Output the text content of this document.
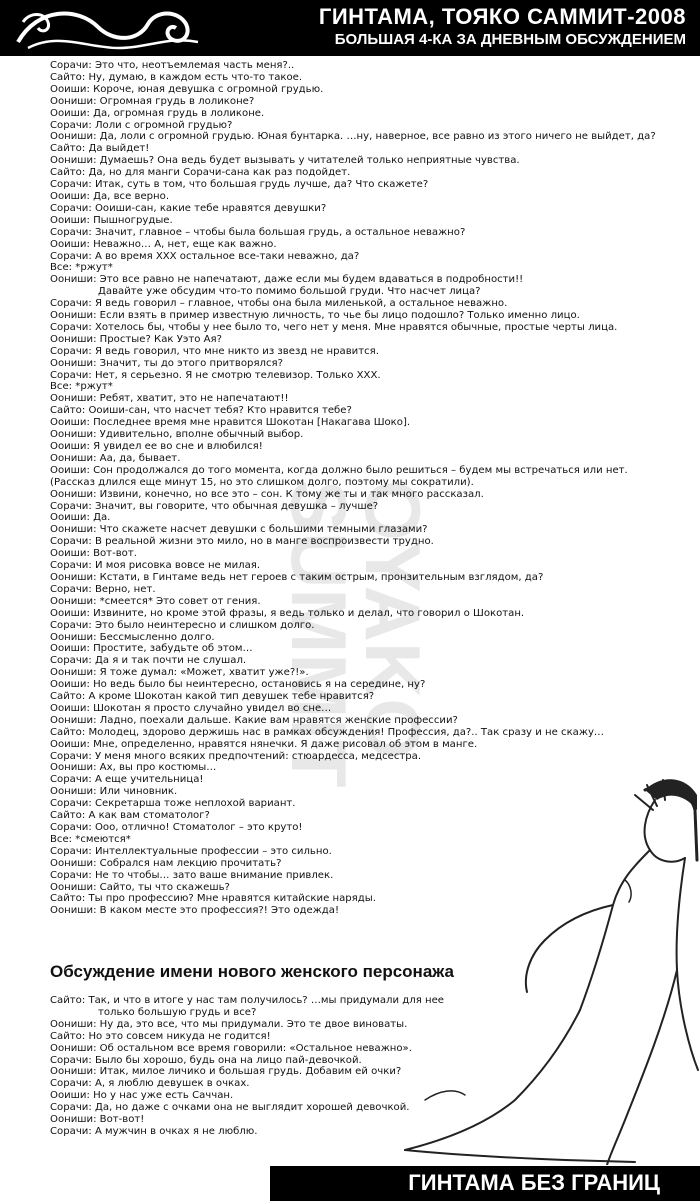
ГИНТАМА, ТОЯКО САММИТ-2008
БОЛЬШАЯ 4-КА ЗА ДНЕВНЫМ ОБСУЖДЕНИЕМ
OYAKO
SUMMIT
Сорачи: Это что, неотъемлемая часть меня?..
Сайто: Ну, думаю, в каждом есть что-то такое.
Ооиши: Короче, юная девушка с огромной грудью.
Оониши: Огромная грудь в лоликоне?
Ооиши: Да, огромная грудь в лоликоне.
Сорачи: Лоли с огромной грудью?
Оониши: Да, лоли с огромной грудью. Юная бунтарка. …ну, наверное, все равно из этого ничего не выйдет, да?
Сайто: Да выйдет!
Оониши: Думаешь? Она ведь будет вызывать у читателей только неприятные чувства.
Сайто: Да, но для манги Сорачи-сана как раз подойдет.
Сорачи: Итак, суть в том, что большая грудь лучше, да? Что скажете?
Ооиши: Да, все верно.
Сорачи: Ооиши-сан, какие тебе нравятся девушки?
Ооиши: Пышногрудые.
Сорачи: Значит, главное – чтобы была большая грудь, а остальное неважно?
Ооиши: Неважно… А, нет, еще как важно.
Сорачи: А во время XXX остальное все-таки неважно, да?
Все: *ржут*
Оониши: Это все равно не напечатают, даже если мы будем вдаваться в подробности!!
Давайте уже обсудим что-то помимо большой груди. Что насчет лица?
Сорачи: Я ведь говорил – главное, чтобы она была миленькой, а остальное неважно.
Оониши: Если взять в пример известную личность, то чье бы лицо подошло? Только именно лицо.
Сорачи: Хотелось бы, чтобы у нее было то, чего нет у меня. Мне нравятся обычные, простые черты лица.
Оониши: Простые? Как Уэто Ая?
Сорачи: Я ведь говорил, что мне никто из звезд не нравится.
Оониши: Значит, ты до этого притворялся?
Сорачи: Нет, я серьезно. Я не смотрю телевизор. Только XXX.
Все: *ржут*
Оониши: Ребят, хватит, это не напечатают!!
Сайто: Ооиши-сан, что насчет тебя? Кто нравится тебе?
Ооиши: Последнее время мне нравится Шокотан [Накагава Шоко].
Оониши: Удивительно, вполне обычный выбор.
Ооиши: Я увидел ее во сне и влюбился!
Оониши: Аа, да, бывает.
Ооиши: Сон продолжался до того момента, когда должно было решиться – будем мы встречаться или нет.
(Рассказ длился еще минут 15, но это слишком долго, поэтому мы сократили).
Оониши: Извини, конечно, но все это – сон. К тому же ты и так много рассказал.
Сорачи: Значит, вы говорите, что обычная девушка – лучше?
Ооиши: Да.
Оониши: Что скажете насчет девушки с большими темными глазами?
Сорачи: В реальной жизни это мило, но в манге воспроизвести трудно.
Ооиши: Вот-вот.
Сорачи: И моя рисовка вовсе не милая.
Оониши: Кстати, в Гинтаме ведь нет героев с таким острым, пронзительным взглядом, да?
Сорачи: Верно, нет.
Оониши: *смеется* Это совет от гения.
Ооиши: Извините, но кроме этой фразы, я ведь только и делал, что говорил о Шокотан.
Сорачи: Это было неинтересно и слишком долго.
Оониши: Бессмысленно долго.
Ооиши: Простите, забудьте об этом…
Сорачи: Да я и так почти не слушал.
Оониши: Я тоже думал: «Может, хватит уже?!».
Ооиши: Но ведь было бы неинтересно, остановись я на середине, ну?
Сайто: А кроме Шокотан какой тип девушек тебе нравится?
Ооиши: Шокотан я просто случайно увидел во сне…
Оониши: Ладно, поехали дальше. Какие вам нравятся женские профессии?
Сайто: Молодец, здорово держишь нас в рамках обсуждения! Профессия, да?.. Так сразу и не скажу…
Ооиши: Мне, определенно, нравятся нянечки. Я даже рисовал об этом в манге.
Сорачи: У меня много всяких предпочтений: стюардесса, медсестра.
Оониши: Ах, вы про костюмы…
Сорачи: А еще учительница!
Оониши: Или чиновник.
Сорачи: Секретарша тоже неплохой вариант.
Сайто: А как вам стоматолог?
Сорачи: Ооо, отлично! Стоматолог – это круто!
Все: *смеются*
Сорачи: Интеллектуальные профессии – это сильно.
Оониши: Собрался нам лекцию прочитать?
Сорачи: Не то чтобы… зато ваше внимание привлек.
Оониши: Сайто, ты что скажешь?
Сайто: Ты про профессию? Мне нравятся китайские наряды.
Оониши: В каком месте это профессия?! Это одежда!
Обсуждение имени нового женского персонажа
Сайто: Так, и что в итоге у нас там получилось? …мы придумали для нее
только большую грудь и все?
Оониши: Ну да, это все, что мы придумали. Это те двое виноваты.
Сайто: Но это совсем никуда не годится!
Оониши: Об остальном все время говорили: «Остальное неважно».
Сорачи: Было бы хорошо, будь она на лицо пай-девочкой.
Оониши: Итак, милое личико и большая грудь. Добавим ей очки?
Сорачи: А, я люблю девушек в очках.
Ооиши: Но у нас уже есть Саччан.
Сорачи: Да, но даже с очками она не выглядит хорошей девочкой.
Оониши: Вот-вот!
Сорачи: А мужчин в очках я не люблю.
ГИНТАМА БЕЗ ГРАНИЦ
